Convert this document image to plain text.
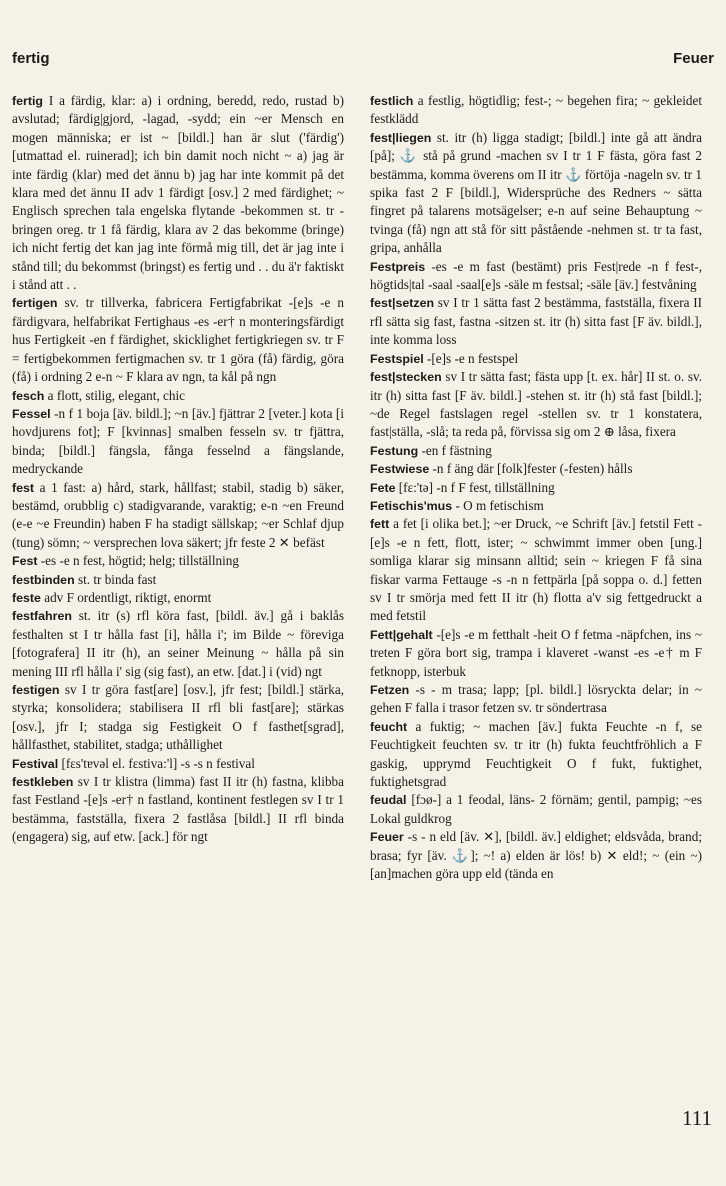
fertig	Feuer

fertig I a färdig, klar: a) i ordning, beredd, redo, rustad b) avslutad; färdig|gjord, -lagad, -sydd; ein ~er Mensch en mogen människa; er ist ~ [bildl.] han är slut ('färdig') [utmattad el. ruinerad]; ich bin damit noch nicht ~ a) jag är inte färdig (klar) med det ännu b) jag har inte kommit på det klara med det ännu II adv 1 färdigt [osv.] 2 med färdighet; ~ Englisch sprechen tala engelska flytande -bekommen st. tr -bringen oreg. tr 1 få färdig, klara av 2 das bekomme (bringe) ich nicht fertig det kan jag inte förmå mig till, det är jag inte i stånd till; du bekommst (bringst) es fertig und . . du ä'r faktiskt i stånd att . .

fertigen sv. tr tillverka, fabricera Fertigfabrikat -[e]s -e n färdigvara, helfabrikat Fertighaus -es -er† n monteringsfärdigt hus Fertigkeit -en f färdighet, skicklighet fertigkriegen sv. tr F = fertigbekommen fertigmachen sv. tr 1 göra (få) färdig, göra (få) i ordning 2 e-n ~ F klara av ngn, ta kål på ngn

fesch a flott, stilig, elegant, chic

Fessel -n f 1 boja [äv. bildl.]; ~n [äv.] fjättrar 2 [veter.] kota [i hovdjurens fot]; F [kvinnas] smalben fesseln sv. tr fjättra, binda; [bildl.] fängsla, fånga fesselnd a fängslande, medryckande

fest a 1 fast: a) hård, stark, hållfast; stabil, stadig b) säker, bestämd, orubblig c) stadigvarande, varaktig; e-n ~en Freund (e-e ~e Freundin) haben F ha stadigt sällskap; ~er Schlaf djup (tung) sömn; ~ versprechen lova säkert; jfr feste 2 ✕ befäst

Fest -es -e n fest, högtid; helg; tillställning

festbinden st. tr binda fast

feste adv F ordentligt, riktigt, enormt

festfahren st. itr (s) rfl köra fast, [bildl. äv.] gå i baklås festhalten st I tr hålla fast [i], hålla i'; im Bilde ~ föreviga [fotografera] II itr (h), an seiner Meinung ~ hålla på sin mening III rfl hålla i' sig (sig fast), an etw. [dat.] i (vid) ngt

festigen sv I tr göra fast[are] [osv.], jfr fest; [bildl.] stärka, styrka; konsolidera; stabilisera II rfl bli fast[are]; stärkas [osv.], jfr I; stadga sig Festigkeit O f fasthet[sgrad], hållfasthet, stabilitet, stadga; uthållighet

Festival [fɛs'tɐvəl el. fɛstiva:'l] -s -s n festival

festkleben sv I tr klistra (limma) fast II itr (h) fastna, klibba fast Festland -[e]s -er† n fastland, kontinent festlegen sv I tr 1 bestämma, fastställa, fixera 2 fastlåsa [bildl.] II rfl binda (engagera) sig, auf etw. [ack.] för ngt

festlich a festlig, högtidlig; fest-; ~ begehen fira; ~ gekleidet festklädd

fest|liegen st. itr (h) ligga stadigt; [bildl.] inte gå att ändra [på]; ⚓ stå på grund -machen sv I tr 1 F fästa, göra fast 2 bestämma, komma överens om II itr ⚓ förtöja -nageln sv. tr 1 spika fast 2 F [bildl.], Widersprüche des Redners ~ sätta fingret på talarens motsägelser; e-n auf seine Behauptung ~ tvinga (få) ngn att stå för sitt påstående -nehmen st. tr ta fast, gripa, anhålla

Festpreis -es -e m fast (bestämt) pris Fest|rede -n f fest-, högtids|tal -saal -saal[e]s -säle m festsal; -säle [äv.] festvåning

fest|setzen sv I tr 1 sätta fast 2 bestämma, fastställa, fixera II rfl sätta sig fast, fastna -sitzen st. itr (h) sitta fast [F äv. bildl.], inte komma loss

Festspiel -[e]s -e n festspel

fest|stecken sv I tr sätta fast; fästa upp [t. ex. hår] II st. o. sv. itr (h) sitta fast [F äv. bildl.] -stehen st. itr (h) stå fast [bildl.]; ~de Regel fastslagen regel -stellen sv. tr 1 konstatera, fast|ställa, -slå; ta reda på, förvissa sig om 2 ⊕ låsa, fixera

Festung -en f fästning

Festwiese -n f äng där [folk]fester (-festen) hålls

Fete [fɛ:'tə] -n f F fest, tillställning

Fetischis'mus - O m fetischism

fett a fet [i olika bet.]; ~er Druck, ~e Schrift [äv.] fetstil Fett -[e]s -e n fett, flott, ister; ~ schwimmt immer oben [ung.] somliga klarar sig minsann alltid; sein ~ kriegen F få sina fiskar varma Fettauge -s -n n fettpärla [på soppa o. d.] fetten sv I tr smörja med fett II itr (h) flotta a'v sig fettgedruckt a med fetstil

Fett|gehalt -[e]s -e m fetthalt -heit O f fetma -näpfchen, ins ~ treten F göra bort sig, trampa i klaveret -wanst -es -e† m F fetknopp, isterbuk

Fetzen -s - m trasa; lapp; [pl. bildl.] lösryckta delar; in ~ gehen F falla i trasor fetzen sv. tr söndertrasa

feucht a fuktig; ~ machen [äv.] fukta Feuchte -n f, se Feuchtigkeit feuchten sv. tr itr (h) fukta feuchtfröhlich a F gaskig, upprymd Feuchtigkeit O f fukt, fuktighet, fuktighetsgrad

feudal [fɔø-] a 1 feodal, läns- 2 förnäm; gentil, pampig; ~es Lokal guldkrog

Feuer -s - n eld [äv. ✕], [bildl. äv.] eldighet; eldsvåda, brand; brasa; fyr [äv. ⚓]; ~! a) elden är lös! b) ✕ eld!; ~ (ein ~) [an]machen göra upp eld (tända en

111
